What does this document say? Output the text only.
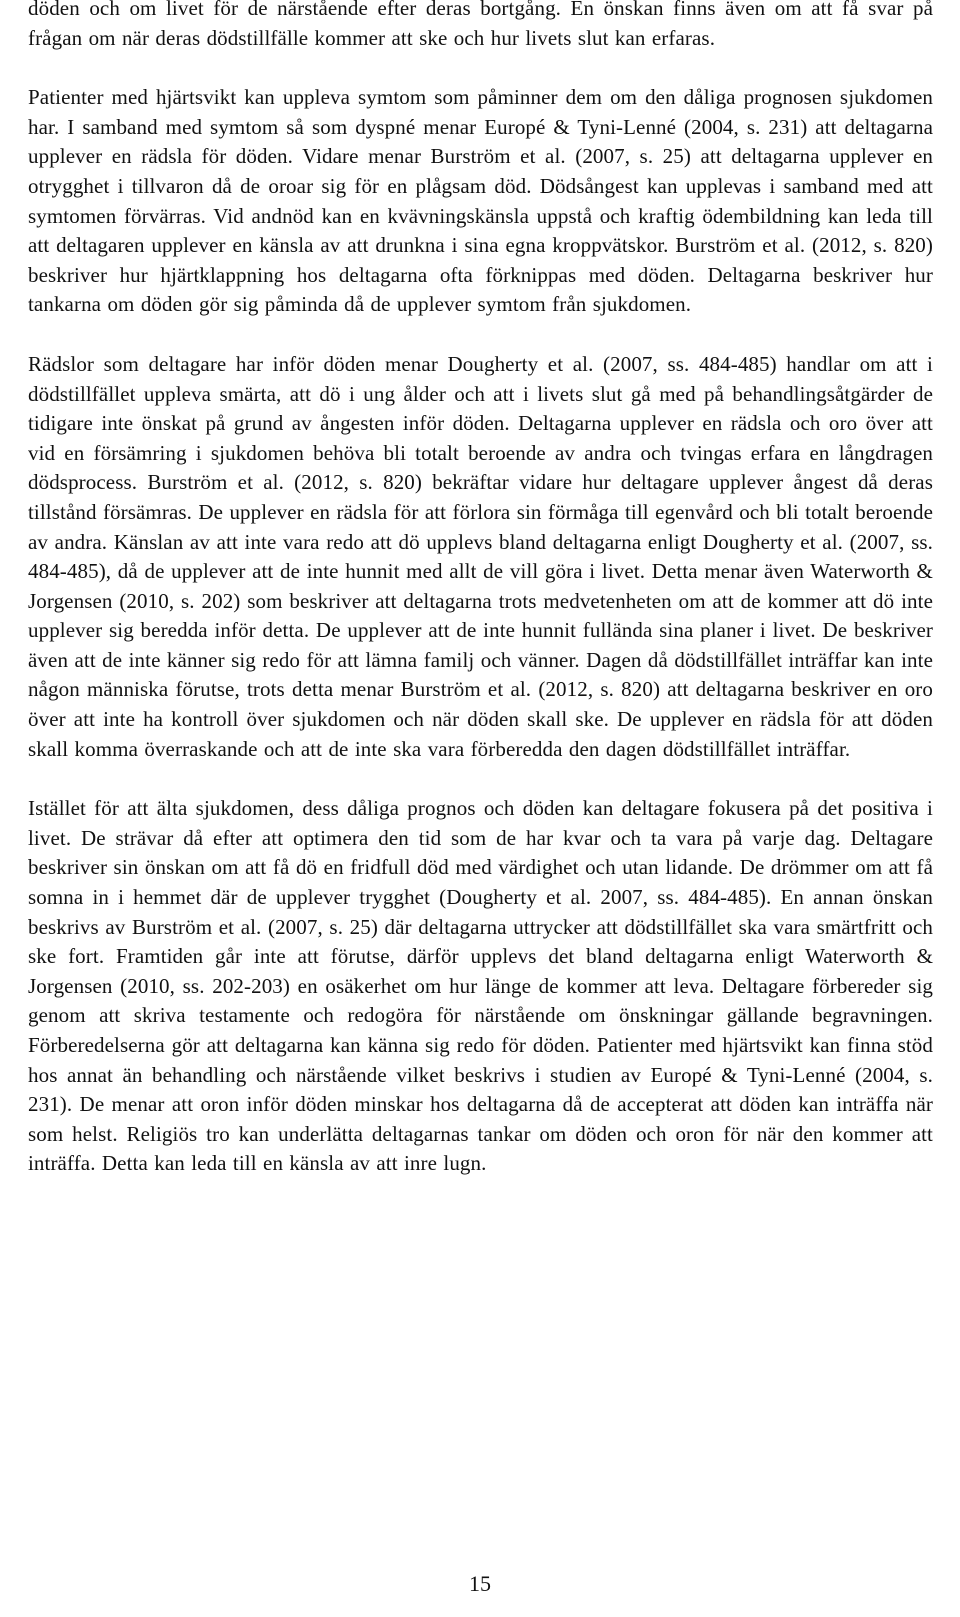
döden och om livet för de närstående efter deras bortgång. En önskan finns även om att få svar på frågan om när deras dödstillfälle kommer att ske och hur livets slut kan erfaras.

Patienter med hjärtsvikt kan uppleva symtom som påminner dem om den dåliga prognosen sjukdomen har. I samband med symtom så som dyspné menar Europé & Tyni-Lenné (2004, s. 231) att deltagarna upplever en rädsla för döden. Vidare menar Burström et al. (2007, s. 25) att deltagarna upplever en otrygghet i tillvaron då de oroar sig för en plågsam död. Dödsångest kan upplevas i samband med att symtomen förvärras. Vid andnöd kan en kvävningskänsla uppstå och kraftig ödembildning kan leda till att deltagaren upplever en känsla av att drunkna i sina egna kroppvätskor. Burström et al. (2012, s. 820) beskriver hur hjärtklappning hos deltagarna ofta förknippas med döden. Deltagarna beskriver hur tankarna om döden gör sig påminda då de upplever symtom från sjukdomen.

Rädslor som deltagare har inför döden menar Dougherty et al. (2007, ss. 484-485) handlar om att i dödstillfället uppleva smärta, att dö i ung ålder och att i livets slut gå med på behandlingsåtgärder de tidigare inte önskat på grund av ångesten inför döden. Deltagarna upplever en rädsla och oro över att vid en försämring i sjukdomen behöva bli totalt beroende av andra och tvingas erfara en långdragen dödsprocess. Burström et al. (2012, s. 820) bekräftar vidare hur deltagare upplever ångest då deras tillstånd försämras. De upplever en rädsla för att förlora sin förmåga till egenvård och bli totalt beroende av andra. Känslan av att inte vara redo att dö upplevs bland deltagarna enligt Dougherty et al. (2007, ss. 484-485), då de upplever att de inte hunnit med allt de vill göra i livet. Detta menar även Waterworth & Jorgensen (2010, s. 202) som beskriver att deltagarna trots medvetenheten om att de kommer att dö inte upplever sig beredda inför detta. De upplever att de inte hunnit fullända sina planer i livet. De beskriver även att de inte känner sig redo för att lämna familj och vänner. Dagen då dödstillfället inträffar kan inte någon människa förutse, trots detta menar Burström et al. (2012, s. 820) att deltagarna beskriver en oro över att inte ha kontroll över sjukdomen och när döden skall ske. De upplever en rädsla för att döden skall komma överraskande och att de inte ska vara förberedda den dagen dödstillfället inträffar.

Istället för att älta sjukdomen, dess dåliga prognos och döden kan deltagare fokusera på det positiva i livet. De strävar då efter att optimera den tid som de har kvar och ta vara på varje dag. Deltagare beskriver sin önskan om att få dö en fridfull död med värdighet och utan lidande. De drömmer om att få somna in i hemmet där de upplever trygghet (Dougherty et al. 2007, ss. 484-485). En annan önskan beskrivs av Burström et al. (2007, s. 25) där deltagarna uttrycker att dödstillfället ska vara smärtfritt och ske fort. Framtiden går inte att förutse, därför upplevs det bland deltagarna enligt Waterworth & Jorgensen (2010, ss. 202-203) en osäkerhet om hur länge de kommer att leva. Deltagare förbereder sig genom att skriva testamente och redogöra för närstående om önskningar gällande begravningen. Förberedelserna gör att deltagarna kan känna sig redo för döden. Patienter med hjärtsvikt kan finna stöd hos annat än behandling och närstående vilket beskrivs i studien av Europé & Tyni-Lenné (2004, s. 231). De menar att oron inför döden minskar hos deltagarna då de accepterat att döden kan inträffa när som helst. Religiös tro kan underlätta deltagarnas tankar om döden och oron för när den kommer att inträffa. Detta kan leda till en känsla av att inre lugn.

15
